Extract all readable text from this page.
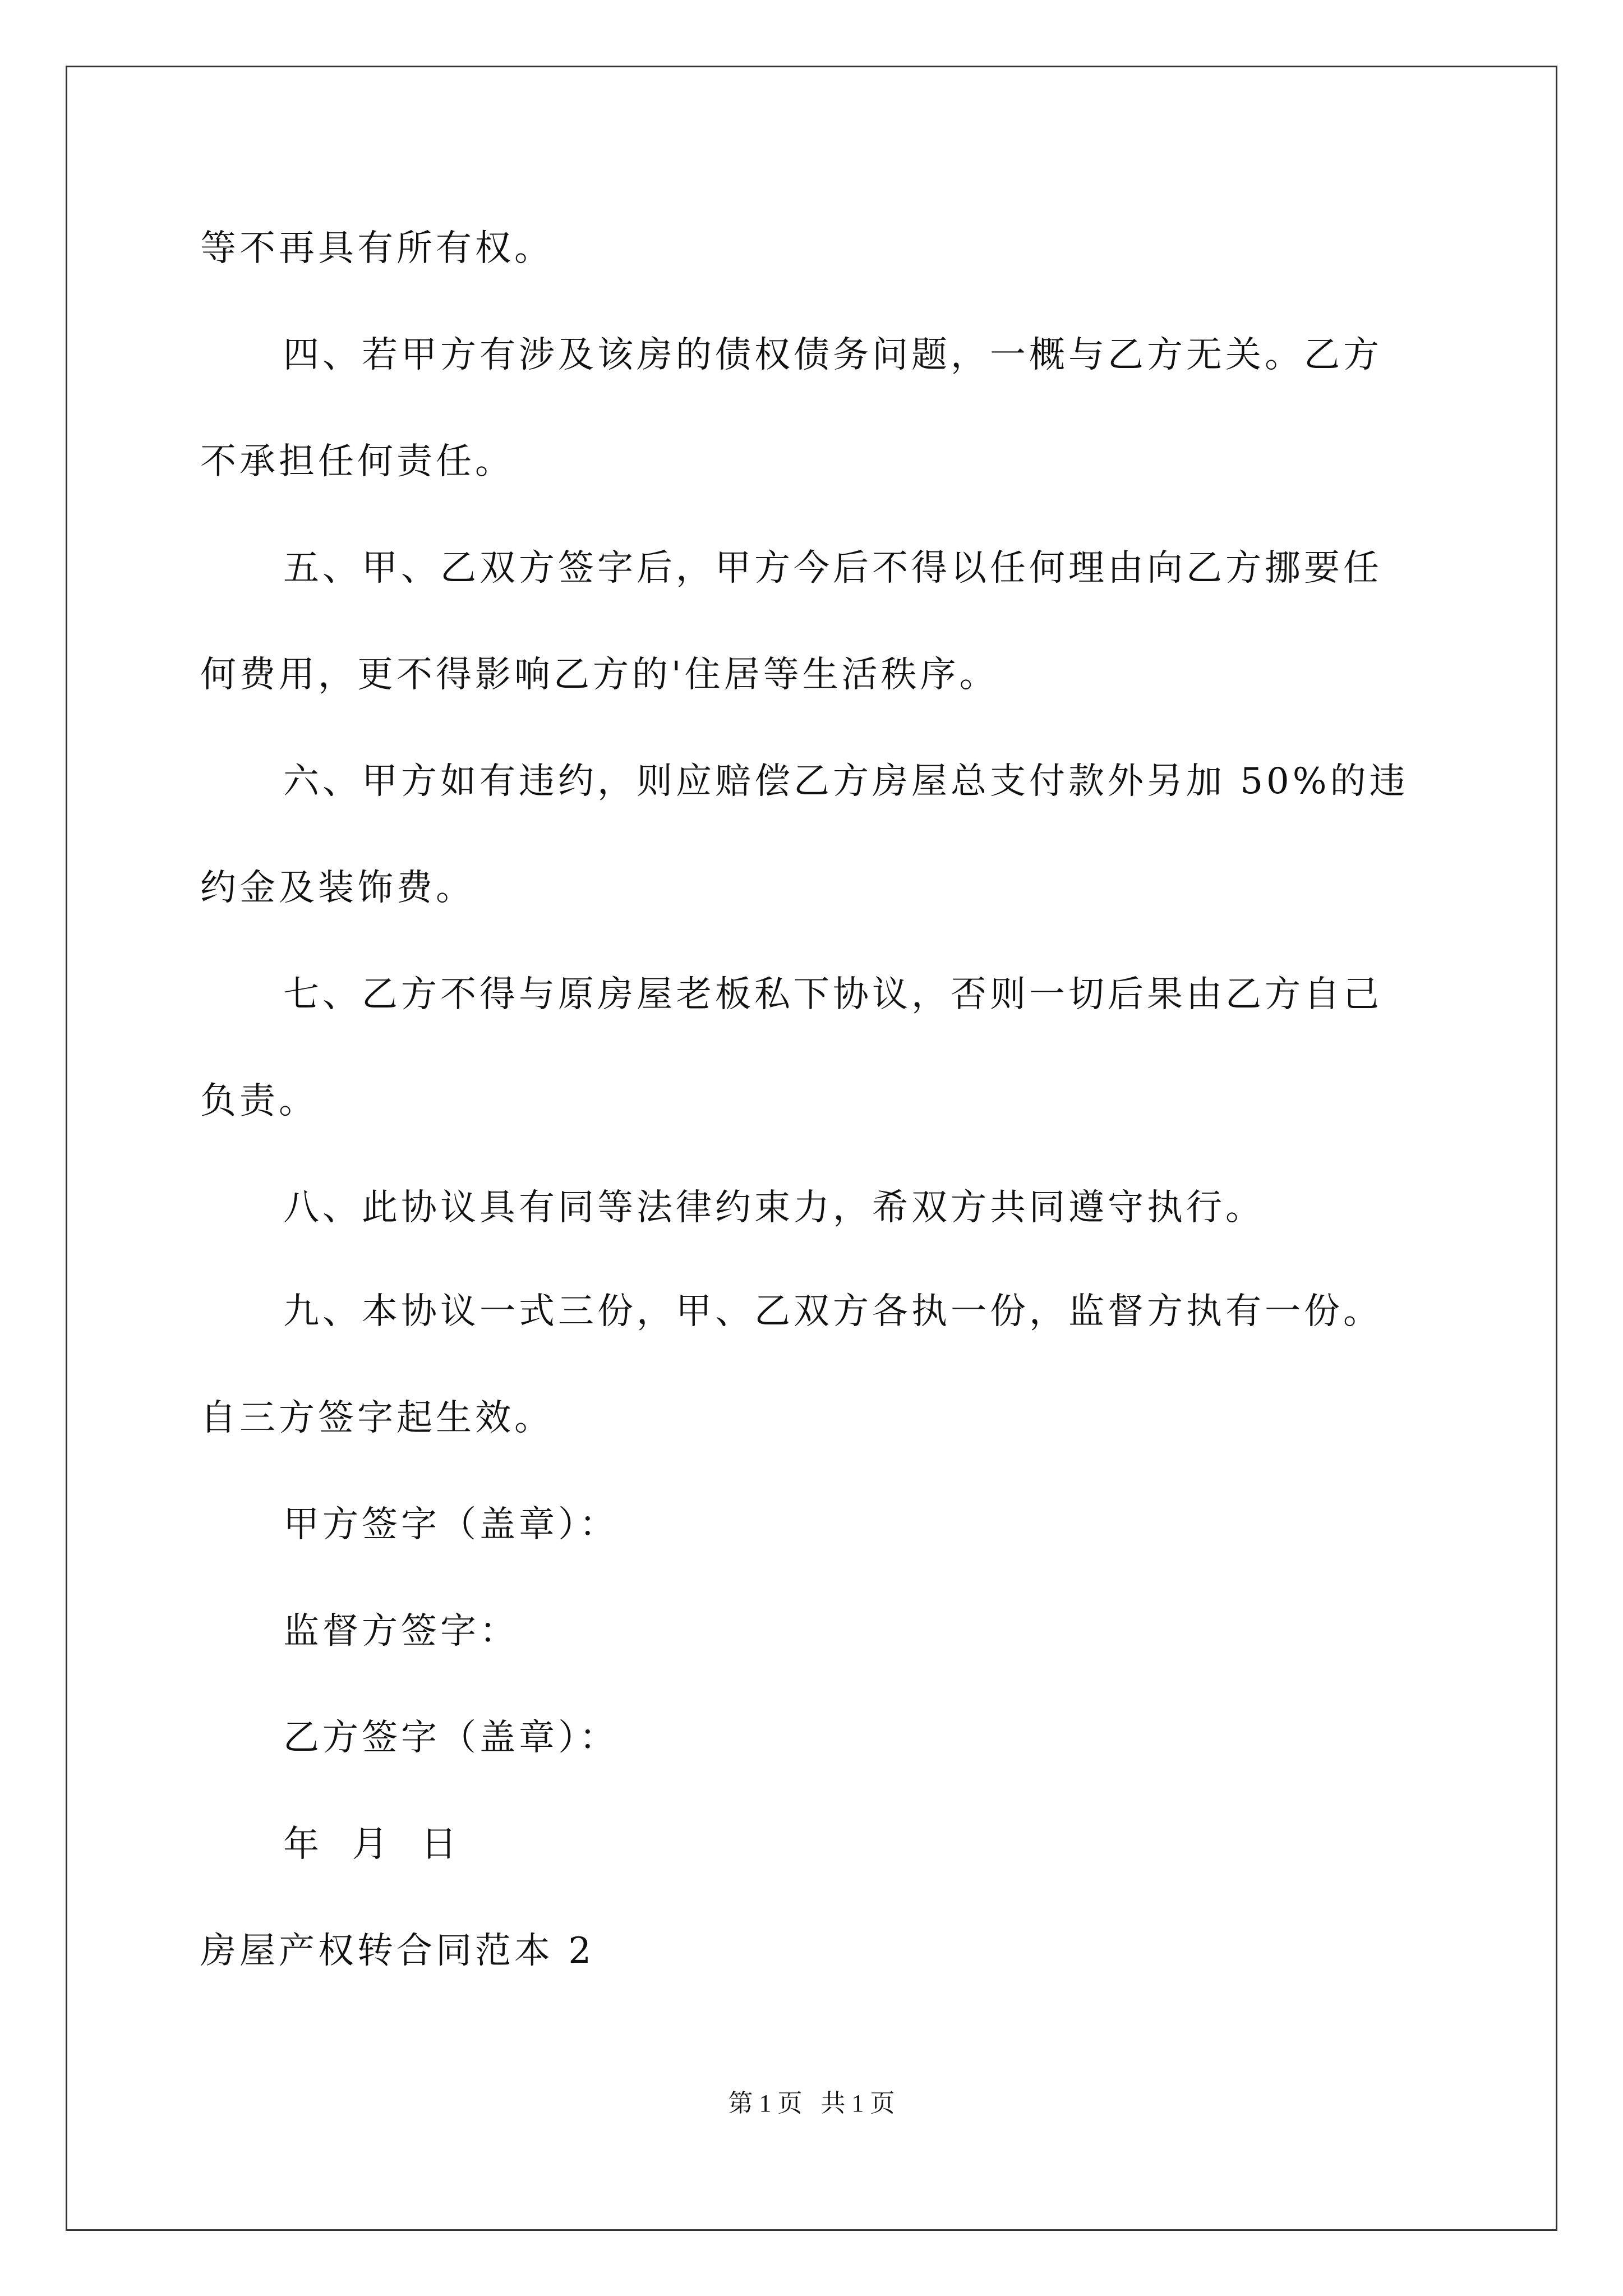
等不再具有所有权。

四、若甲方有涉及该房的债权债务问题，一概与乙方无关。乙方

不承担任何责任。

五、甲、乙双方签字后，甲方今后不得以任何理由向乙方挪要任

何费用，更不得影响乙方的'住居等生活秩序。

六、甲方如有违约，则应赔偿乙方房屋总支付款外另加 50%的违

约金及装饰费。

七、乙方不得与原房屋老板私下协议，否则一切后果由乙方自己

负责。

八、此协议具有同等法律约束力，希双方共同遵守执行。

九、本协议一式三份，甲、乙双方各执一份，监督方执有一份。

自三方签字起生效。

甲方签字（盖章）：

监督方签字：

乙方签字（盖章）：

年  月  日

房屋产权转合同范本 2

第 1 页   共 1 页
